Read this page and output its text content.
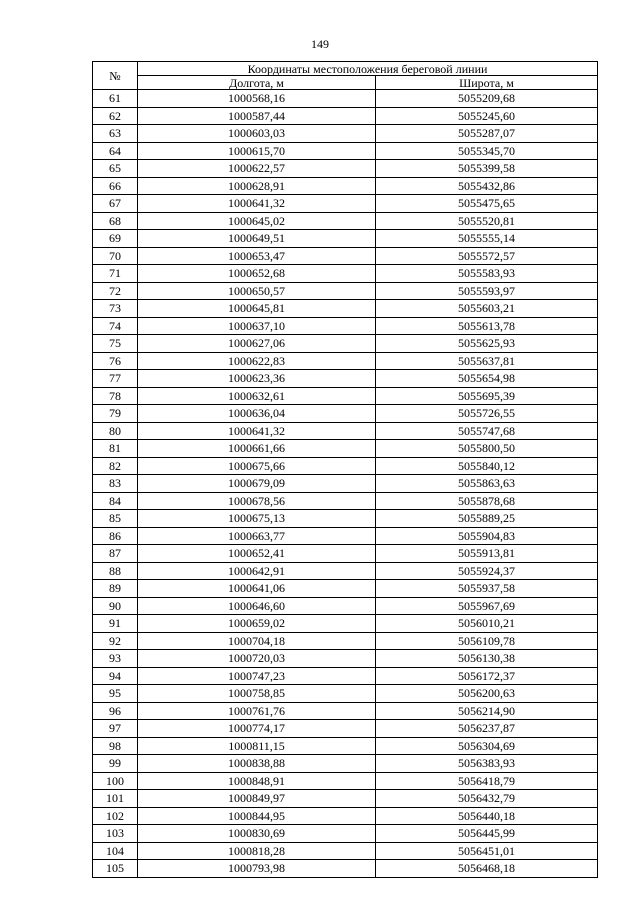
149
№	Координаты местоположения береговой линии	
	Долгота, м	Широта, м
61	1000568,16	5055209,68
62	1000587,44	5055245,60
63	1000603,03	5055287,07
64	1000615,70	5055345,70
65	1000622,57	5055399,58
66	1000628,91	5055432,86
67	1000641,32	5055475,65
68	1000645,02	5055520,81
69	1000649,51	5055555,14
70	1000653,47	5055572,57
71	1000652,68	5055583,93
72	1000650,57	5055593,97
73	1000645,81	5055603,21
74	1000637,10	5055613,78
75	1000627,06	5055625,93
76	1000622,83	5055637,81
77	1000623,36	5055654,98
78	1000632,61	5055695,39
79	1000636,04	5055726,55
80	1000641,32	5055747,68
81	1000661,66	5055800,50
82	1000675,66	5055840,12
83	1000679,09	5055863,63
84	1000678,56	5055878,68
85	1000675,13	5055889,25
86	1000663,77	5055904,83
87	1000652,41	5055913,81
88	1000642,91	5055924,37
89	1000641,06	5055937,58
90	1000646,60	5055967,69
91	1000659,02	5056010,21
92	1000704,18	5056109,78
93	1000720,03	5056130,38
94	1000747,23	5056172,37
95	1000758,85	5056200,63
96	1000761,76	5056214,90
97	1000774,17	5056237,87
98	1000811,15	5056304,69
99	1000838,88	5056383,93
100	1000848,91	5056418,79
101	1000849,97	5056432,79
102	1000844,95	5056440,18
103	1000830,69	5056445,99
104	1000818,28	5056451,01
105	1000793,98	5056468,18
